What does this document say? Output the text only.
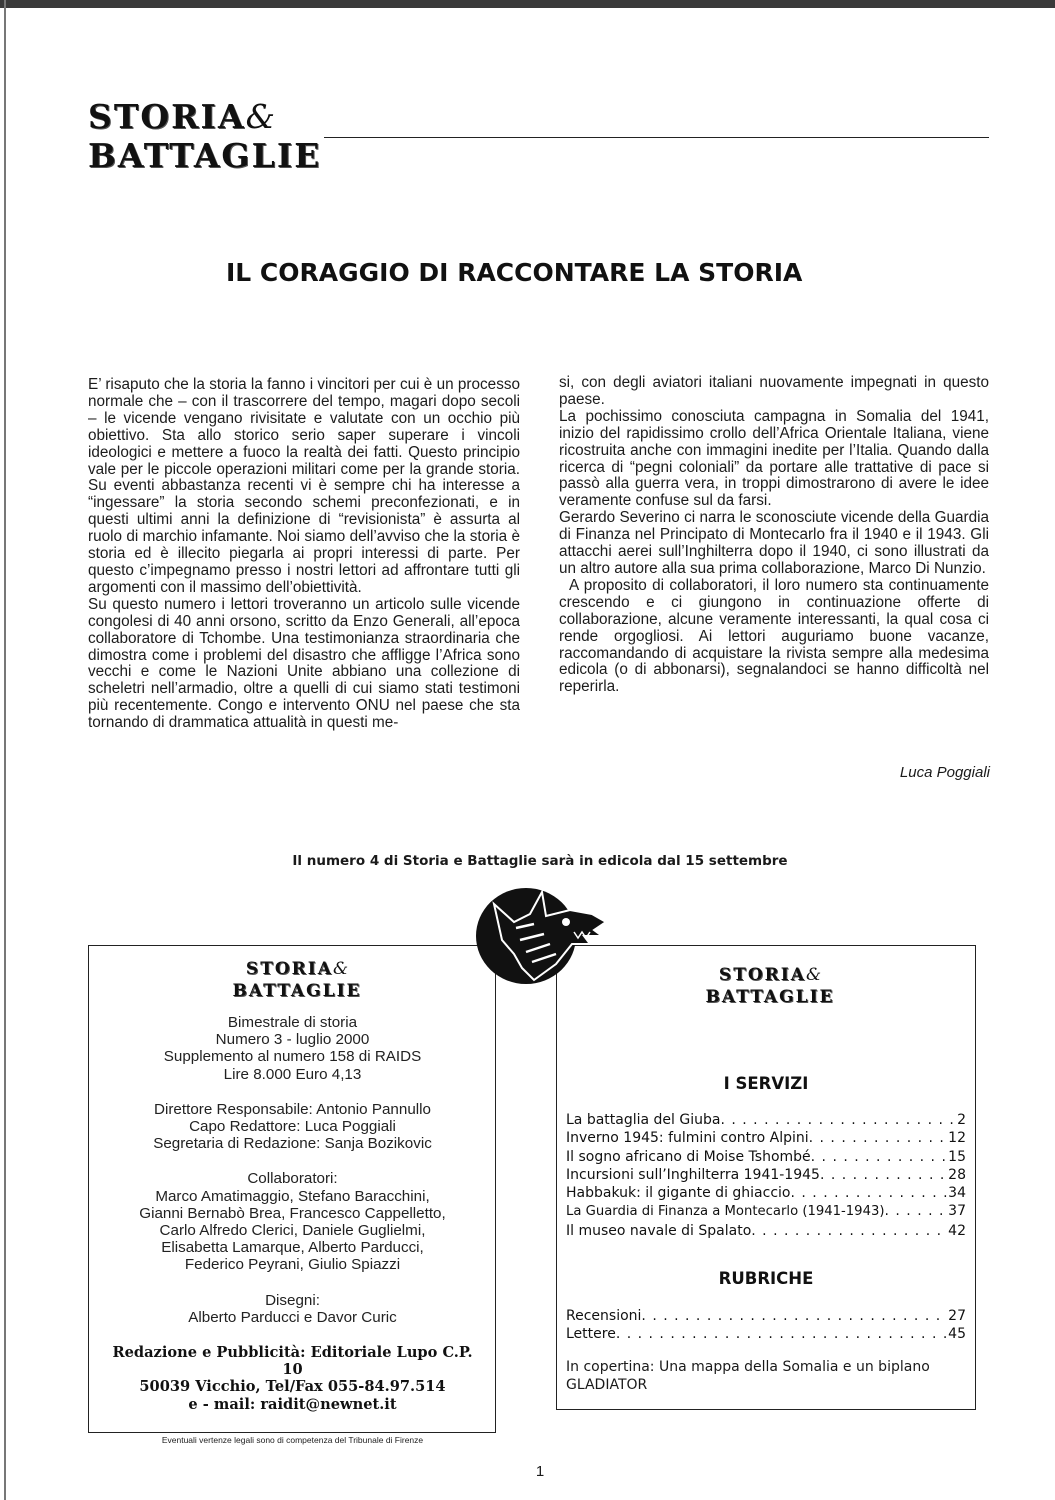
STORIA&
BATTAGLIE
IL CORAGGIO DI RACCONTARE LA STORIA

E’ risaputo che la storia la fanno i vincitori per cui è un processo normale che – con il trascorrere del tempo, magari dopo secoli – le vicende vengano rivisitate e valutate con un occhio più obiettivo. Sta allo storico serio saper superare i vincoli ideologici e mettere a fuoco la realtà dei fatti. Questo principio vale per le piccole operazioni militari come per la grande storia. Su eventi abbastanza recenti vi è sempre chi ha interesse a “ingessare” la storia secondo schemi preconfezionati, e in questi ultimi anni la definizione di “revisionista” è assurta al ruolo di marchio infamante. Noi siamo dell’avviso che la storia è storia ed è illecito piegarla ai propri interessi di parte. Per questo c’impegnamo presso i nostri lettori ad affrontare tutti gli argomenti con il massimo dell’obiettività.

Su questo numero i lettori troveranno un articolo sulle vicende congolesi di 40 anni orsono, scritto da Enzo Generali, all’epoca collaboratore di Tchombe. Una testimonianza straordinaria che dimostra come i problemi del disastro che affligge l’Africa sono vecchi e come le Nazioni Unite abbiano una collezione di scheletri nell’armadio, oltre a quelli di cui siamo stati testimoni più recentemente. Congo e intervento ONU nel paese che sta tornando di drammatica attualità in questi me-

si, con degli aviatori italiani nuovamente impegnati in questo paese.

La pochissimo conosciuta campagna in Somalia del 1941, inizio del rapidissimo crollo dell’Africa Orientale Italiana, viene ricostruita anche con immagini inedite per l’Italia. Quando dalla ricerca di “pegni coloniali” da portare alle trattative di pace si passò alla guerra vera, in troppi dimostrarono di avere le idee veramente confuse sul da farsi.

Gerardo Severino ci narra le sconosciute vicende della Guardia di Finanza nel Principato di Montecarlo fra il 1940 e il 1943. Gli attacchi aerei sull’Inghilterra dopo il 1940, ci sono illustrati da un altro autore alla sua prima collaborazione, Marco Di Nunzio.

A proposito di collaboratori, il loro numero sta continuamente crescendo e ci giungono in continuazione offerte di collaborazione, alcune veramente interessanti, la qual cosa ci rende orgogliosi. Ai lettori auguriamo buone vacanze, raccomandando di acquistare la rivista sempre alla medesima edicola (o di abbonarsi), segnalandoci se hanno difficoltà nel reperirla.

Luca Poggiali
Il numero 4 di Storia e Battaglie sarà in edicola dal 15 settembre
STORIA&
BATTAGLIE
Bimestrale di storia
Numero 3 - luglio 2000
Supplemento al numero 158 di RAIDS
Lire 8.000 Euro 4,13
Direttore Responsabile: Antonio Pannullo
Capo Redattore: Luca Poggiali
Segretaria di Redazione: Sanja Bozikovic
Collaboratori:
Marco Amatimaggio, Stefano Baracchini,
Gianni Bernabò Brea, Francesco Cappelletto,
Carlo Alfredo Clerici, Daniele Guglielmi,
Elisabetta Lamarque, Alberto Parducci,
Federico Peyrani, Giulio Spiazzi
Disegni:
Alberto Parducci e Davor Curic
Redazione e Pubblicità: Editoriale Lupo C.P. 10
50039 Vicchio, Tel/Fax 055-84.97.514
e - mail: raidit@newnet.it
Eventuali vertenze legali sono di competenza del Tribunale di Firenze
STORIA&
BATTAGLIE
I SERVIZI
La battaglia del Giuba . . .	2
Inverno 1945: fulmini contro Alpini . . .	12
Il sogno africano di Moise Tshombé . . .	15
Incursioni sull’Inghilterra 1941-1945 . . .	28
Habbakuk: il gigante di ghiaccio . . .	34
La Guardia di Finanza a Montecarlo (1941-1943) . . .	37
Il museo navale di Spalato . . .	42
RUBRICHE
Recensioni . . .	27
Lettere . . .	45
In copertina: Una mappa della Somalia e un biplano GLADIATOR
1
